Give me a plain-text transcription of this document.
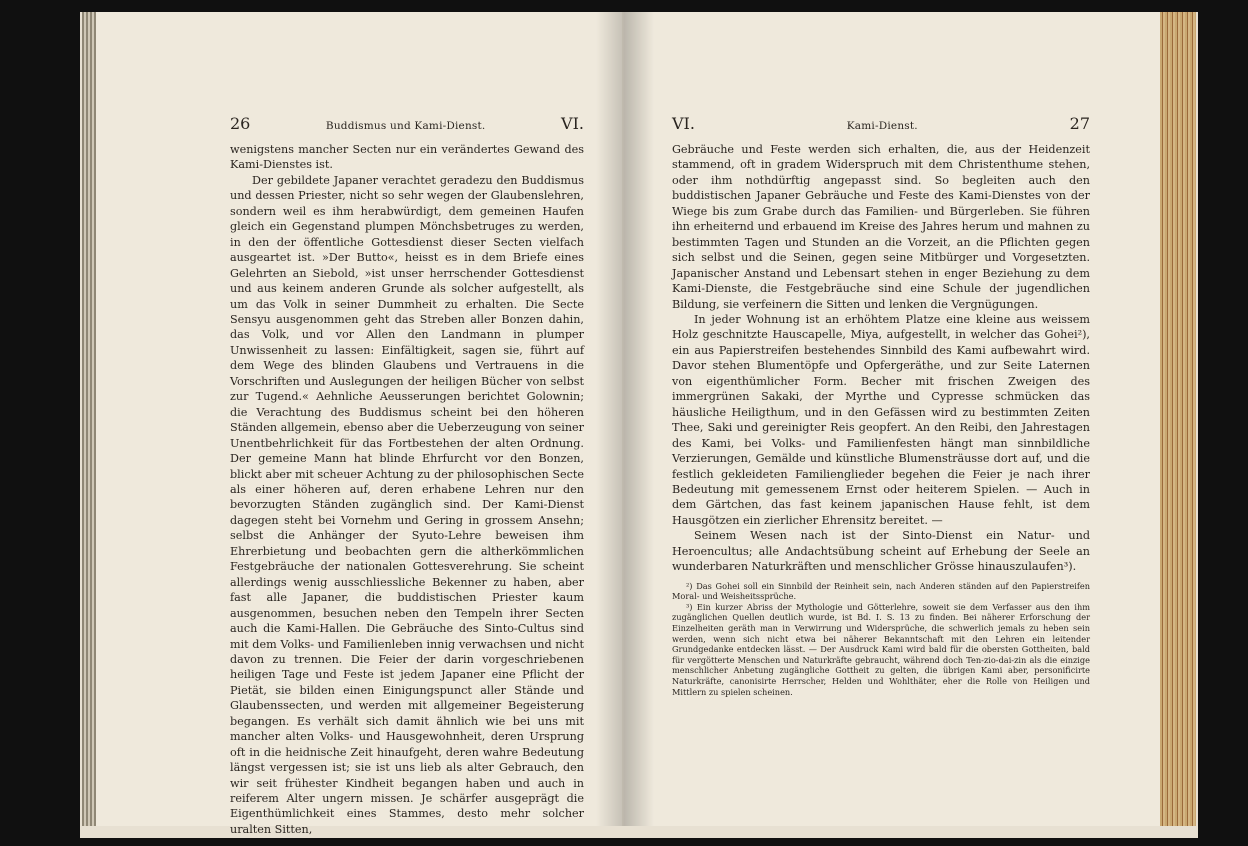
26	Buddismus und Kami-Dienst.	VI.

wenigstens mancher Secten nur ein verändertes Gewand des Kami-Dienstes ist.

Der gebildete Japaner verachtet geradezu den Buddismus und dessen Priester, nicht so sehr wegen der Glaubenslehren, sondern weil es ihm herabwürdigt, dem gemeinen Haufen gleich ein Gegenstand plumpen Mönchsbetruges zu werden, in den der öffentliche Gottesdienst dieser Secten vielfach ausgeartet ist. »Der Butto«, heisst es in dem Briefe eines Gelehrten an Siebold, »ist unser herrschender Gottesdienst und aus keinem anderen Grunde als solcher aufgestellt, als um das Volk in seiner Dummheit zu erhalten. Die Secte Sensyu ausgenommen geht das Streben aller Bonzen dahin, das Volk, und vor Allen den Landmann in plumper Unwissenheit zu lassen: Einfältigkeit, sagen sie, führt auf dem Wege des blinden Glaubens und Vertrauens in die Vorschriften und Auslegungen der heiligen Bücher von selbst zur Tugend.« Aehnliche Aeusserungen berichtet Golownin; die Verachtung des Buddismus scheint bei den höheren Ständen allgemein, ebenso aber die Ueberzeugung von seiner Unentbehrlichkeit für das Fortbestehen der alten Ordnung. Der gemeine Mann hat blinde Ehrfurcht vor den Bonzen, blickt aber mit scheuer Achtung zu der philosophischen Secte als einer höheren auf, deren erhabene Lehren nur den bevorzugten Ständen zugänglich sind. Der Kami-Dienst dagegen steht bei Vornehm und Gering in grossem Ansehn; selbst die Anhänger der Syuto-Lehre beweisen ihm Ehrerbietung und beobachten gern die altherkömmlichen Festgebräuche der nationalen Gottesverehrung. Sie scheint allerdings wenig ausschliessliche Bekenner zu haben, aber fast alle Japaner, die buddistischen Priester kaum ausgenommen, besuchen neben den Tempeln ihrer Secten auch die Kami-Hallen. Die Gebräuche des Sinto-Cultus sind mit dem Volks- und Familienleben innig verwachsen und nicht davon zu trennen. Die Feier der darin vorgeschriebenen heiligen Tage und Feste ist jedem Japaner eine Pflicht der Pietät, sie bilden einen Einigungspunct aller Stände und Glaubenssecten, und werden mit allgemeiner Begeisterung begangen. Es verhält sich damit ähnlich wie bei uns mit mancher alten Volks- und Hausgewohnheit, deren Ursprung oft in die heidnische Zeit hinaufgeht, deren wahre Bedeutung längst vergessen ist; sie ist uns lieb als alter Gebrauch, den wir seit frühester Kindheit begangen haben und auch in reiferem Alter ungern missen. Je schärfer ausgeprägt die Eigenthümlichkeit eines Stammes, desto mehr solcher uralten Sitten,

VI.	Kami-Dienst.	27

Gebräuche und Feste werden sich erhalten, die, aus der Heidenzeit stammend, oft in gradem Widerspruch mit dem Christenthume stehen, oder ihm nothdürftig angepasst sind. So begleiten auch den buddistischen Japaner Gebräuche und Feste des Kami-Dienstes von der Wiege bis zum Grabe durch das Familien- und Bürgerleben. Sie führen ihn erheiternd und erbauend im Kreise des Jahres herum und mahnen zu bestimmten Tagen und Stunden an die Vorzeit, an die Pflichten gegen sich selbst und die Seinen, gegen seine Mitbürger und Vorgesetzten. Japanischer Anstand und Lebensart stehen in enger Beziehung zu dem Kami-Dienste, die Festgebräuche sind eine Schule der jugendlichen Bildung, sie verfeinern die Sitten und lenken die Vergnügungen.

In jeder Wohnung ist an erhöhtem Platze eine kleine aus weissem Holz geschnitzte Hauscapelle, Miya, aufgestellt, in welcher das Gohei²), ein aus Papierstreifen bestehendes Sinnbild des Kami aufbewahrt wird. Davor stehen Blumentöpfe und Opfergeräthe, und zur Seite Laternen von eigenthümlicher Form. Becher mit frischen Zweigen des immergrünen Sakaki, der Myrthe und Cypresse schmücken das häusliche Heiligthum, und in den Gefässen wird zu bestimmten Zeiten Thee, Saki und gereinigter Reis geopfert. An den Reibi, den Jahrestagen des Kami, bei Volks- und Familienfesten hängt man sinnbildliche Verzierungen, Gemälde und künstliche Blumensträusse dort auf, und die festlich gekleideten Familienglieder begehen die Feier je nach ihrer Bedeutung mit gemessenem Ernst oder heiterem Spielen. — Auch in dem Gärtchen, das fast keinem japanischen Hause fehlt, ist dem Hausgötzen ein zierlicher Ehrensitz bereitet. —

Seinem Wesen nach ist der Sinto-Dienst ein Natur- und Heroencultus; alle Andachtsübung scheint auf Erhebung der Seele an wunderbaren Naturkräften und menschlicher Grösse hinauszulaufen³).

²) Das Gohei soll ein Sinnbild der Reinheit sein, nach Anderen ständen auf den Papierstreifen Moral- und Weisheitssprüche.

³) Ein kurzer Abriss der Mythologie und Götterlehre, soweit sie dem Verfasser aus den ihm zugänglichen Quellen deutlich wurde, ist Bd. I. S. 13 zu finden. Bei näherer Erforschung der Einzelheiten geräth man in Verwirrung und Widersprüche, die schwerlich jemals zu heben sein werden, wenn sich nicht etwa bei näherer Bekanntschaft mit den Lehren ein leitender Grundgedanke entdecken lässt. — Der Ausdruck Kami wird bald für die obersten Gottheiten, bald für vergötterte Menschen und Naturkräfte gebraucht, während doch Ten-zio-dai-zin als die einzige menschlicher Anbetung zugängliche Gottheit zu gelten, die übrigen Kami aber, personificirte Naturkräfte, canonisirte Herrscher, Helden und Wohlthäter, eher die Rolle von Heiligen und Mittlern zu spielen scheinen.
